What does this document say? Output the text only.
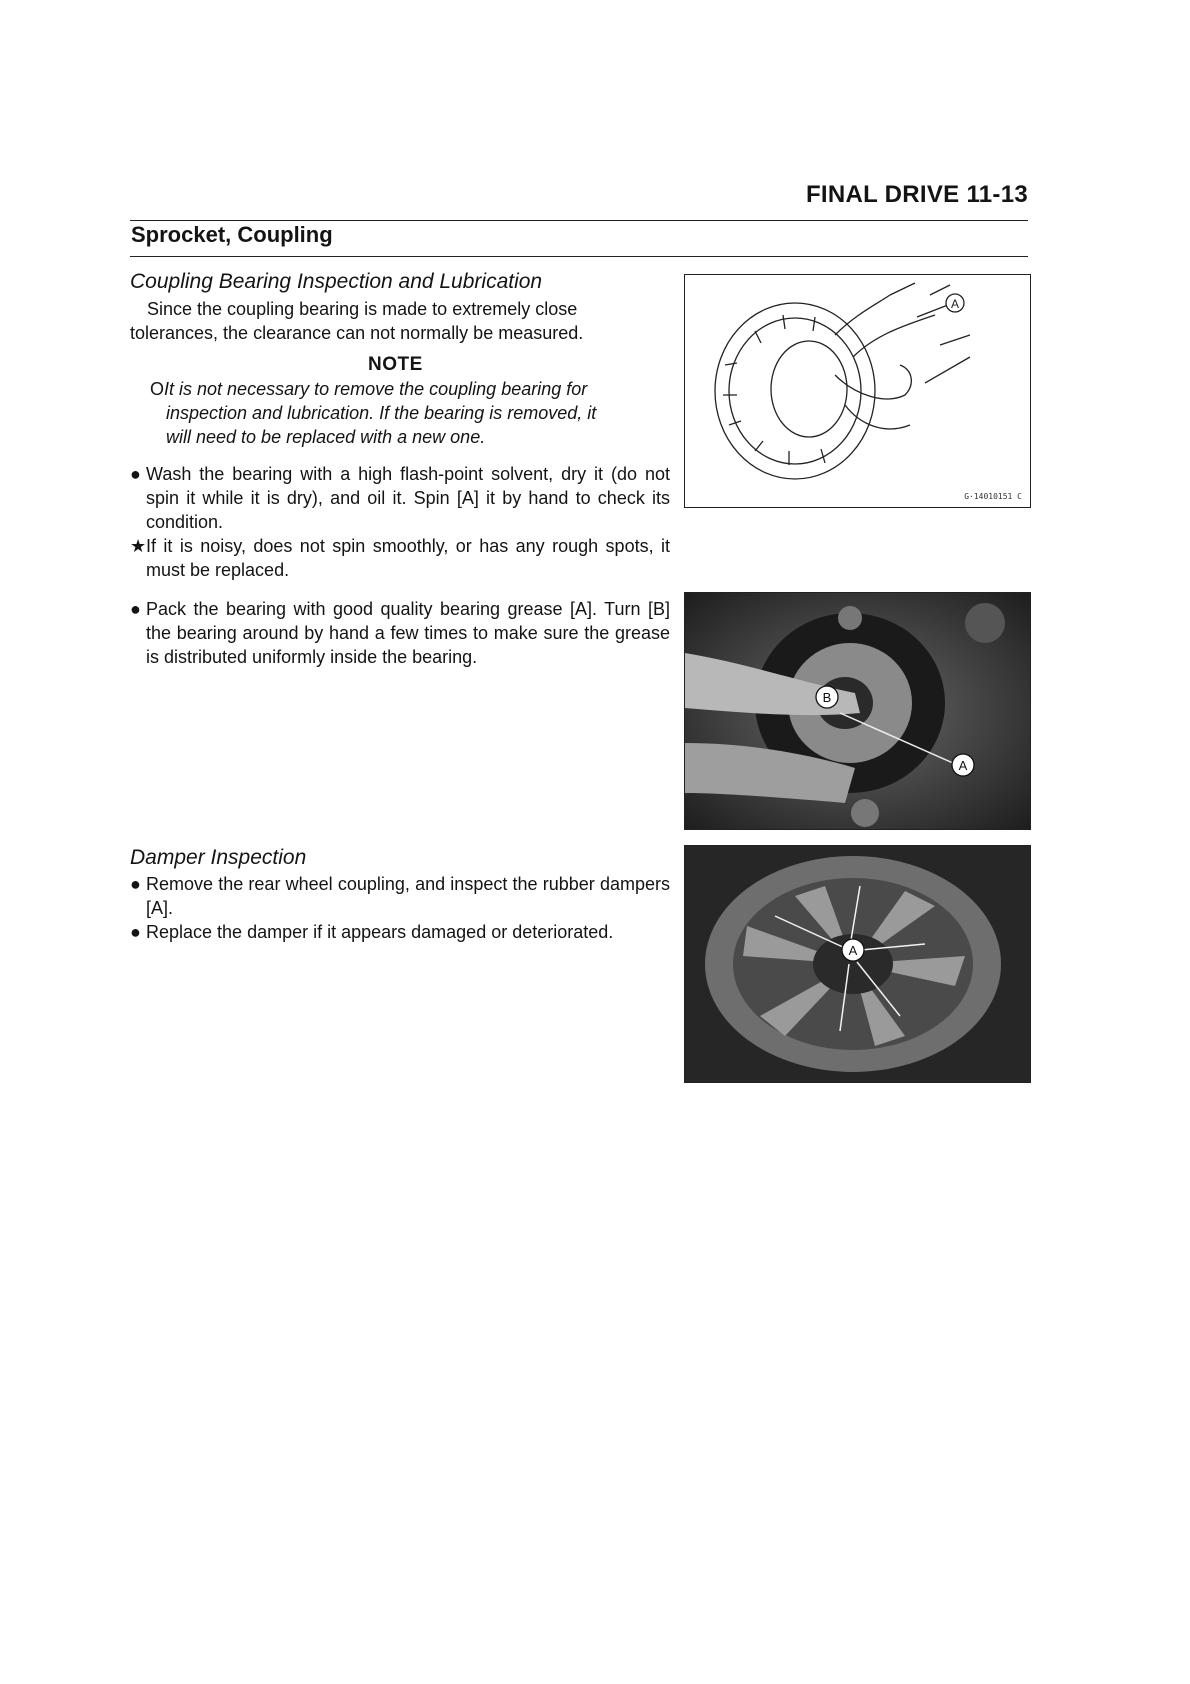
FINAL DRIVE 11-13
Sprocket, Coupling
Coupling Bearing Inspection and Lubrication
Since the coupling bearing is made to extremely close
tolerances, the clearance can not normally be measured.
NOTE
OIt is not necessary to remove the coupling bearing for
inspection and lubrication. If the bearing is removed, it
will need to be replaced with a new one.
● Wash the bearing with a high flash-point solvent, dry it (do not spin it while it is dry), and oil it. Spin [A] it by hand to check its condition.
★ If it is noisy, does not spin smoothly, or has any rough spots, it must be replaced.
● Pack the bearing with good quality bearing grease [A]. Turn [B] the bearing around by hand a few times to make sure the grease is distributed uniformly inside the bearing.
Damper Inspection
● Remove the rear wheel coupling, and inspect the rubber dampers [A].
● Replace the damper if it appears damaged or deteriorated.
A
G·14010151 C
B
A
A
